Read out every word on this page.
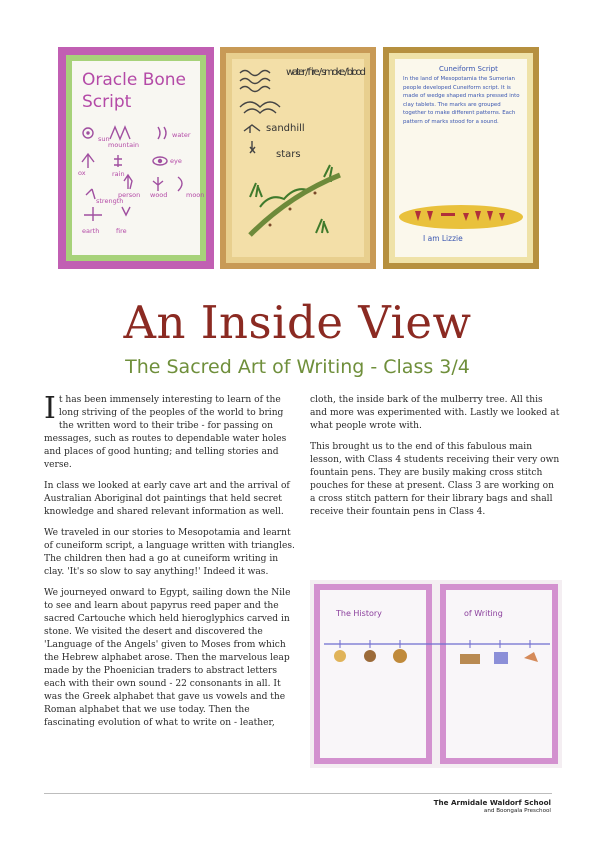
Oracle Bone
Script
sun
mountain
water
ox	rain
eye
person wood	moon
strength
earth	fire
water / fire / smoke / blood
sandhill
stars
Cuneiform Script
In the land of Mesopotamia the Sumerian people developed Cuneiform script. It is made of wedge shaped marks pressed into clay tablets. The marks are grouped together to make different patterns. Each pattern of marks stood for a sound.
I am Lizzie
An Inside View
The Sacred Art of Writing - Class 3/4

It has been immensely interesting to learn of the long striving of the peoples of the world to bring the written word to their tribe - for passing on messages, such as routes to dependable water holes and places of good hunting; and telling stories and verse.

In class we looked at early cave art and the arrival of Australian Aboriginal dot paintings that held secret knowledge and shared relevant information as well.

We traveled in our stories to Mesopotamia and learnt of cuneiform script, a language written with triangles. The children then had a go at cuneiform writing in clay. 'It's so slow to say anything!' Indeed it was.

We journeyed onward to Egypt, sailing down the Nile to see and learn about papyrus reed paper and the sacred Cartouche which held hieroglyphics carved in stone. We visited the desert and discovered the 'Language of the Angels' given to Moses from which the Hebrew alphabet arose. Then the marvelous leap made by the Phoenician traders to abstract letters each with their own sound - 22 consonants in all. It was the Greek alphabet that gave us vowels and the Roman alphabet that we use today. Then the fascinating evolution of what to write on - leather,

cloth, the inside bark of the mulberry tree. All this and more was experimented with. Lastly we looked at what people wrote with.

This brought us to the end of this fabulous main lesson, with Class 4 students receiving their very own fountain pens. They are busily making cross stitch pouches for these at present. Class 3 are working on a cross stitch pattern for their library bags and shall receive their fountain pens in Class 4.

The History	of Writing
The Armidale Waldorf School
and Boongala Preschool
